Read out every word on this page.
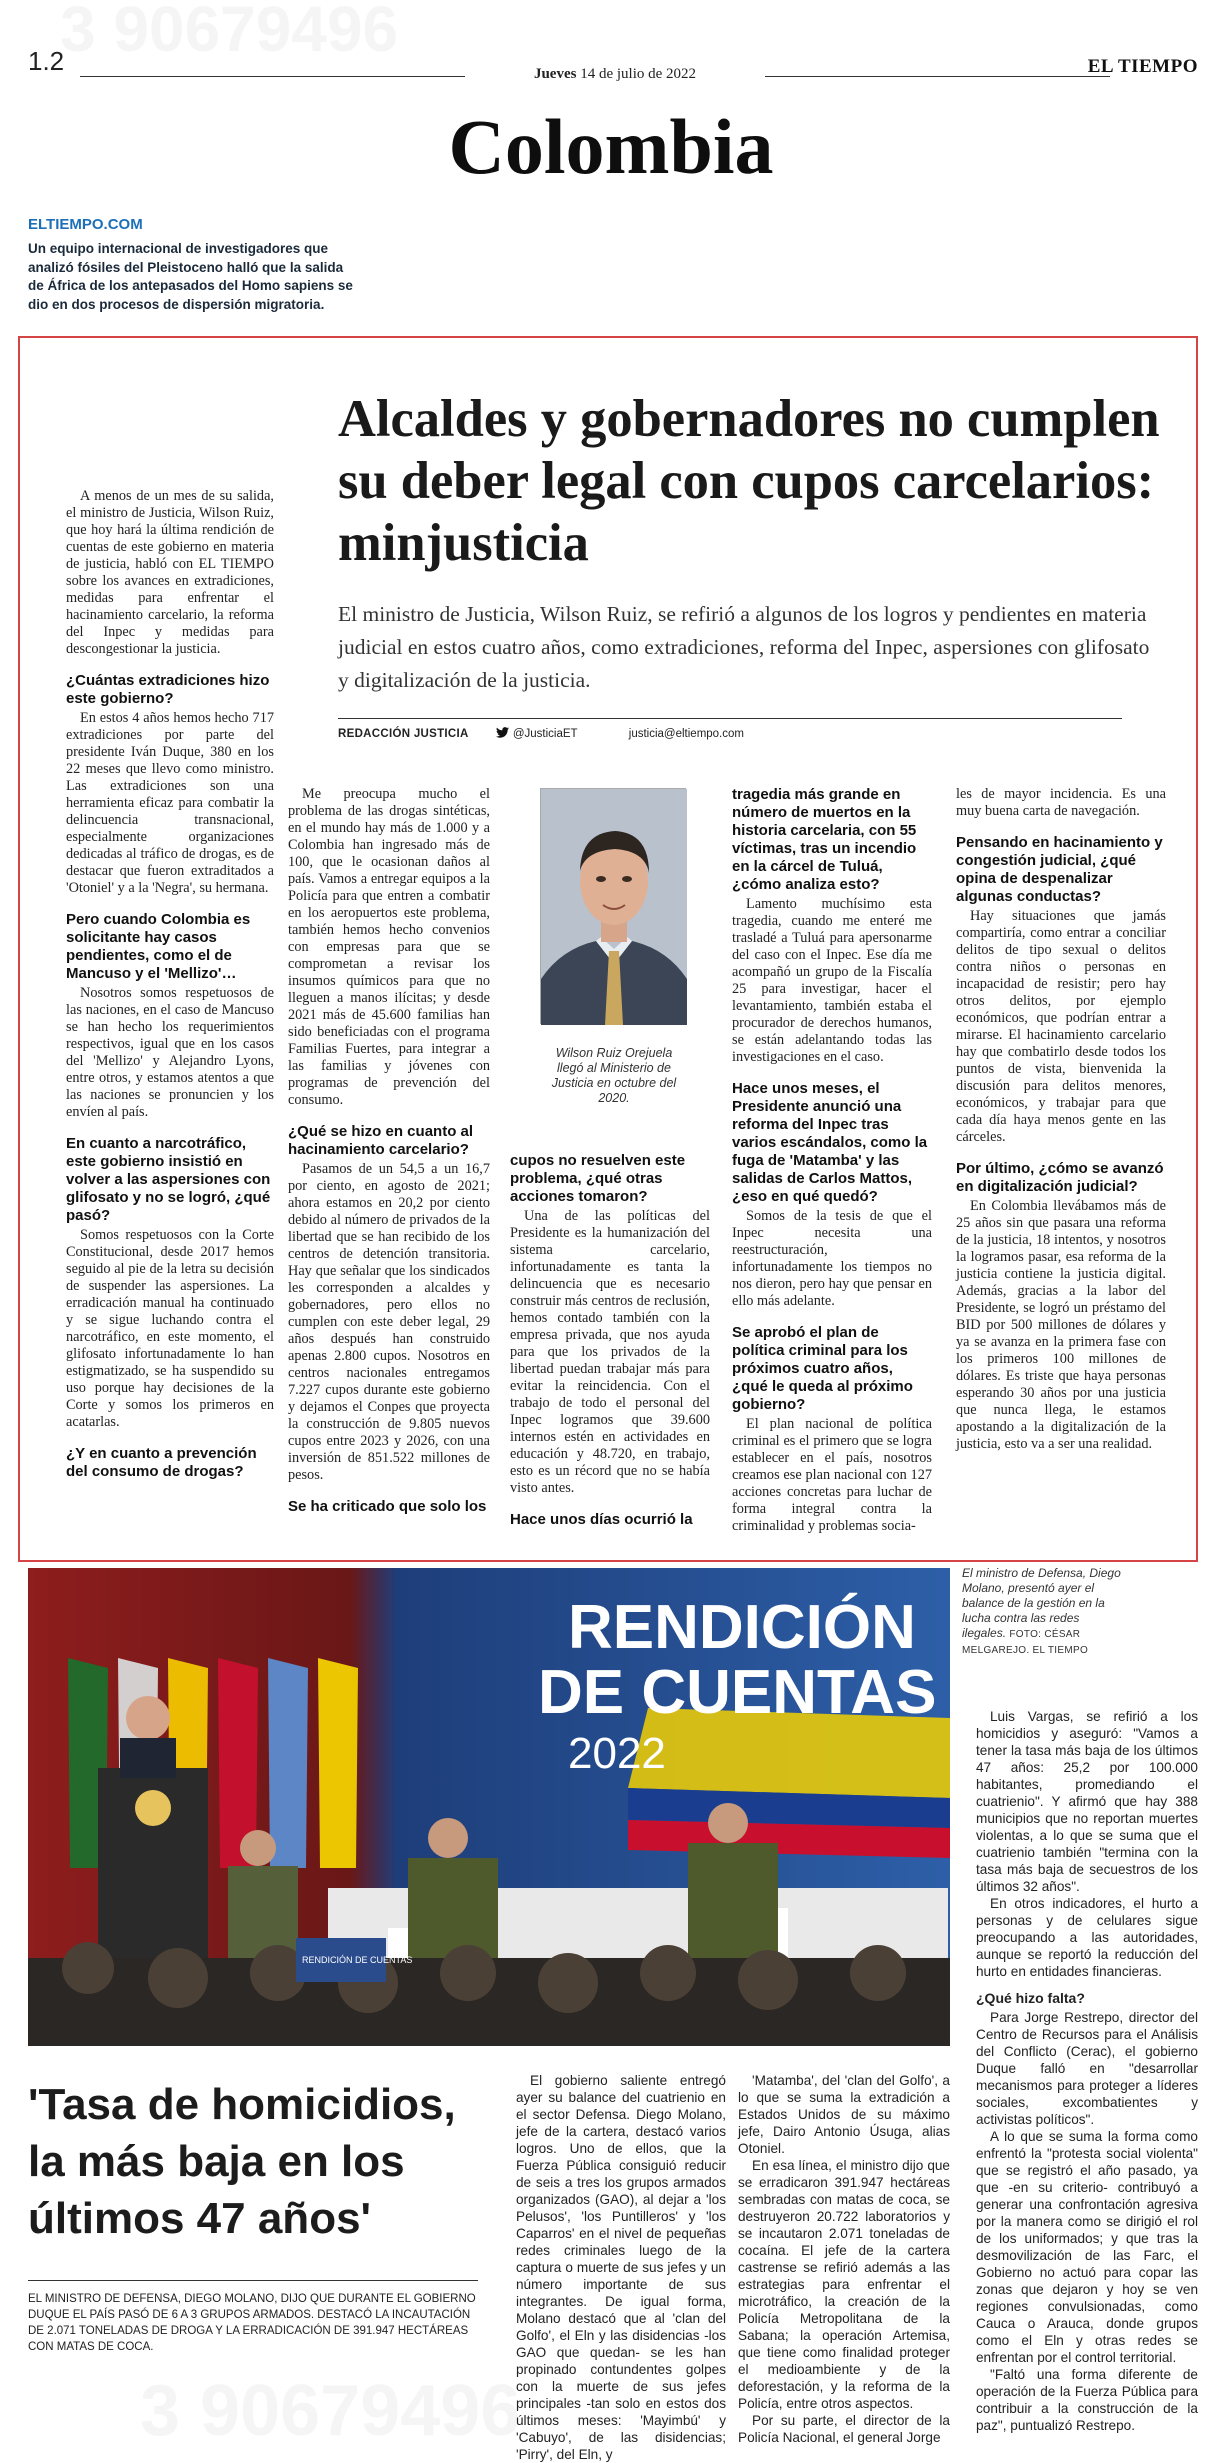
3 90679496
3 90679496
1.2	Jueves 14 de julio de 2022	EL TIEMPO
Colombia
ELTIEMPO.COM
Un equipo internacional de investigadores que analizó fósiles del Pleistoceno halló que la salida de África de los antepasados del Homo sapiens se dio en dos procesos de dispersión migratoria.
Alcaldes y gobernadores no cumplen su deber legal con cupos carcelarios: minjusticia

El ministro de Justicia, Wilson Ruiz, se refirió a algunos de los logros y pendientes en materia judicial en estos cuatro años, como extradiciones, reforma del Inpec, aspersiones con glifosato y digitalización de la justicia.

REDACCIÓN JUSTICIA	@JusticiaET	justicia@eltiempo.com

A menos de un mes de su salida, el ministro de Justicia, Wilson Ruiz, que hoy hará la última rendición de cuentas de este gobierno en materia de justicia, habló con EL TIEMPO sobre los avances en extradiciones, medidas para enfrentar el hacinamiento carcelario, la reforma del Inpec y medidas para descongestionar la justicia.

¿Cuántas extradiciones hizo este gobierno?

En estos 4 años hemos hecho 717 extradiciones por parte del presidente Iván Duque, 380 en los 22 meses que llevo como ministro. Las extradiciones son una herramienta eficaz para combatir la delincuencia transnacional, especialmente organizaciones dedicadas al tráfico de drogas, es de destacar que fueron extraditados a 'Otoniel' y a la 'Negra', su hermana.

Pero cuando Colombia es solicitante hay casos pendientes, como el de Mancuso y el 'Mellizo'…

Nosotros somos respetuosos de las naciones, en el caso de Mancuso se han hecho los requerimientos respectivos, igual que en los casos del 'Mellizo' y Alejandro Lyons, entre otros, y estamos atentos a que las naciones se pronuncien y los envíen al país.

En cuanto a narcotráfico, este gobierno insistió en volver a las aspersiones con glifosato y no se logró, ¿qué pasó?

Somos respetuosos con la Corte Constitucional, desde 2017 hemos seguido al pie de la letra su decisión de suspender las aspersiones. La erradicación manual ha continuado y se sigue luchando contra el narcotráfico, en este momento, el glifosato infortunadamente lo han estigmatizado, se ha suspendido su uso porque hay decisiones de la Corte y somos los primeros en acatarlas.

¿Y en cuanto a prevención del consumo de drogas?

Me preocupa mucho el problema de las drogas sintéticas, en el mundo hay más de 1.000 y a Colombia han ingresado más de 100, que le ocasionan daños al país. Vamos a entregar equipos a la Policía para que entren a combatir en los aeropuertos este problema, también hemos hecho convenios con empresas para que se comprometan a revisar los insumos químicos para que no lleguen a manos ilícitas; y desde 2021 más de 45.600 familias han sido beneficiadas con el programa Familias Fuertes, para integrar a las familias y jóvenes con programas de prevención del consumo.

¿Qué se hizo en cuanto al hacinamiento carcelario?

Pasamos de un 54,5 a un 16,7 por ciento, en agosto de 2021; ahora estamos en 20,2 por ciento debido al número de privados de la libertad que se han recibido de los centros de detención transitoria. Hay que señalar que los sindicados les corresponden a alcaldes y gobernadores, pero ellos no cumplen con este deber legal, 29 años después han construido apenas 2.800 cupos. Nosotros en centros nacionales entregamos 7.227 cupos durante este gobierno y dejamos el Conpes que proyecta la construcción de 9.805 nuevos cupos entre 2023 y 2026, con una inversión de 851.522 millones de pesos.

Se ha criticado que solo los
Wilson Ruiz Orejuela llegó al Ministerio de Justicia en octubre del 2020.
cupos no resuelven este problema, ¿qué otras acciones tomaron?

Una de las políticas del Presidente es la humanización del sistema carcelario, infortunadamente es tanta la delincuencia que es necesario construir más centros de reclusión, hemos contado también con la empresa privada, que nos ayuda para que los privados de la libertad puedan trabajar más para evitar la reincidencia. Con el trabajo de todo el personal del Inpec logramos que 39.600 internos estén en actividades en educación y 48.720, en trabajo, esto es un récord que no se había visto antes.

Hace unos días ocurrió la
tragedia más grande en número de muertos en la historia carcelaria, con 55 víctimas, tras un incendio en la cárcel de Tuluá, ¿cómo analiza esto?

Lamento muchísimo esta tragedia, cuando me enteré me trasladé a Tuluá para apersonarme del caso con el Inpec. Ese día me acompañó un grupo de la Fiscalía 25 para investigar, hacer el levantamiento, también estaba el procurador de derechos humanos, se están adelantando todas las investigaciones en el caso.

Hace unos meses, el Presidente anunció una reforma del Inpec tras varios escándalos, como la fuga de 'Matamba' y las salidas de Carlos Mattos, ¿eso en qué quedó?

Somos de la tesis de que el Inpec necesita una reestructuración, infortunadamente los tiempos no nos dieron, pero hay que pensar en ello más adelante.

Se aprobó el plan de política criminal para los próximos cuatro años, ¿qué le queda al próximo gobierno?

El plan nacional de política criminal es el primero que se logra establecer en el país, nosotros creamos ese plan nacional con 127 acciones concretas para luchar de forma integral contra la criminalidad y problemas socia-

les de mayor incidencia. Es una muy buena carta de navegación.

Pensando en hacinamiento y congestión judicial, ¿qué opina de despenalizar algunas conductas?

Hay situaciones que jamás compartiría, como entrar a conciliar delitos de tipo sexual o delitos contra niños o personas en incapacidad de resistir; pero hay otros delitos, por ejemplo económicos, que podrían entrar a mirarse. El hacinamiento carcelario hay que combatirlo desde todos los puntos de vista, bienvenida la discusión para delitos menores, económicos, y trabajar para que cada día haya menos gente en las cárceles.

Por último, ¿cómo se avanzó en digitalización judicial?

En Colombia llevábamos más de 25 años sin que pasara una reforma de la justicia, 18 intentos, y nosotros la logramos pasar, esa reforma de la justicia contiene la justicia digital. Además, gracias a la labor del Presidente, se logró un préstamo del BID por 500 millones de dólares y ya se avanza en la primera fase con los primeros 100 millones de dólares. Es triste que haya personas esperando 30 años por una justicia que nunca llega, le estamos apostando a la digitalización de la justicia, esto va a ser una realidad.

RENDICIÓN
DE CUENTAS
2022
RENDICIÓN DE CUENTAS
El ministro de Defensa, Diego Molano, presentó ayer el balance de la gestión en la lucha contra las redes ilegales. FOTO: CÉSAR MELGAREJO. EL TIEMPO
'Tasa de homicidios, la más baja en los últimos 47 años'
EL MINISTRO DE DEFENSA, DIEGO MOLANO, DIJO QUE DURANTE EL GOBIERNO DUQUE EL PAÍS PASÓ DE 6 A 3 GRUPOS ARMADOS. DESTACÓ LA INCAUTACIÓN DE 2.071 TONELADAS DE DROGA Y LA ERRADICACIÓN DE 391.947 HECTÁREAS CON MATAS DE COCA.

El gobierno saliente entregó ayer su balance del cuatrienio en el sector Defensa. Diego Molano, jefe de la cartera, destacó varios logros. Uno de ellos, que la Fuerza Pública consiguió reducir de seis a tres los grupos armados organizados (GAO), al dejar a 'los Pelusos', 'los Puntilleros' y 'los Caparros' en el nivel de pequeñas redes criminales luego de la captura o muerte de sus jefes y un número importante de sus integrantes. De igual forma, Molano destacó que al 'clan del Golfo', el Eln y las disidencias -los GAO que quedan- se les han propinado contundentes golpes con la muerte de sus jefes principales -tan solo en estos dos últimos meses: 'Mayimbú' y 'Cabuyo', de las disidencias; 'Pirry', del Eln, y

'Matamba', del 'clan del Golfo', a lo que se suma la extradición a Estados Unidos de su máximo jefe, Dairo Antonio Úsuga, alias Otoniel.

En esa línea, el ministro dijo que se erradicaron 391.947 hectáreas sembradas con matas de coca, se destruyeron 20.722 laboratorios y se incautaron 2.071 toneladas de cocaína. El jefe de la cartera castrense se refirió además a las estrategias para enfrentar el microtráfico, la creación de la Policía Metropolitana de la Sabana; la operación Artemisa, que tiene como finalidad proteger el medioambiente y de la deforestación, y la reforma de la Policía, entre otros aspectos.

Por su parte, el director de la Policía Nacional, el general Jorge

Luis Vargas, se refirió a los homicidios y aseguró: "Vamos a tener la tasa más baja de los últimos 47 años: 25,2 por 100.000 habitantes, promediando el cuatrienio". Y afirmó que hay 388 municipios que no reportan muertes violentas, a lo que se suma que el cuatrienio también "termina con la tasa más baja de secuestros de los últimos 32 años".

En otros indicadores, el hurto a personas y de celulares sigue preocupando a las autoridades, aunque se reportó la reducción del hurto en entidades financieras.

¿Qué hizo falta?

Para Jorge Restrepo, director del Centro de Recursos para el Análisis del Conflicto (Cerac), el gobierno Duque falló en "desarrollar mecanismos para proteger a líderes sociales, excombatientes y activistas políticos".

A lo que se suma la forma como enfrentó la "protesta social violenta" que se registró el año pasado, ya que -en su criterio- contribuyó a generar una confrontación agresiva por la manera como se dirigió el rol de los uniformados; y que tras la desmovilización de las Farc, el Gobierno no actuó para copar las zonas que dejaron y hoy se ven regiones convulsionadas, como Cauca o Arauca, donde grupos como el Eln y otras redes se enfrentan por el control territorial.

"Faltó una forma diferente de operación de la Fuerza Pública para contribuir a la construcción de la paz", puntualizó Restrepo.
